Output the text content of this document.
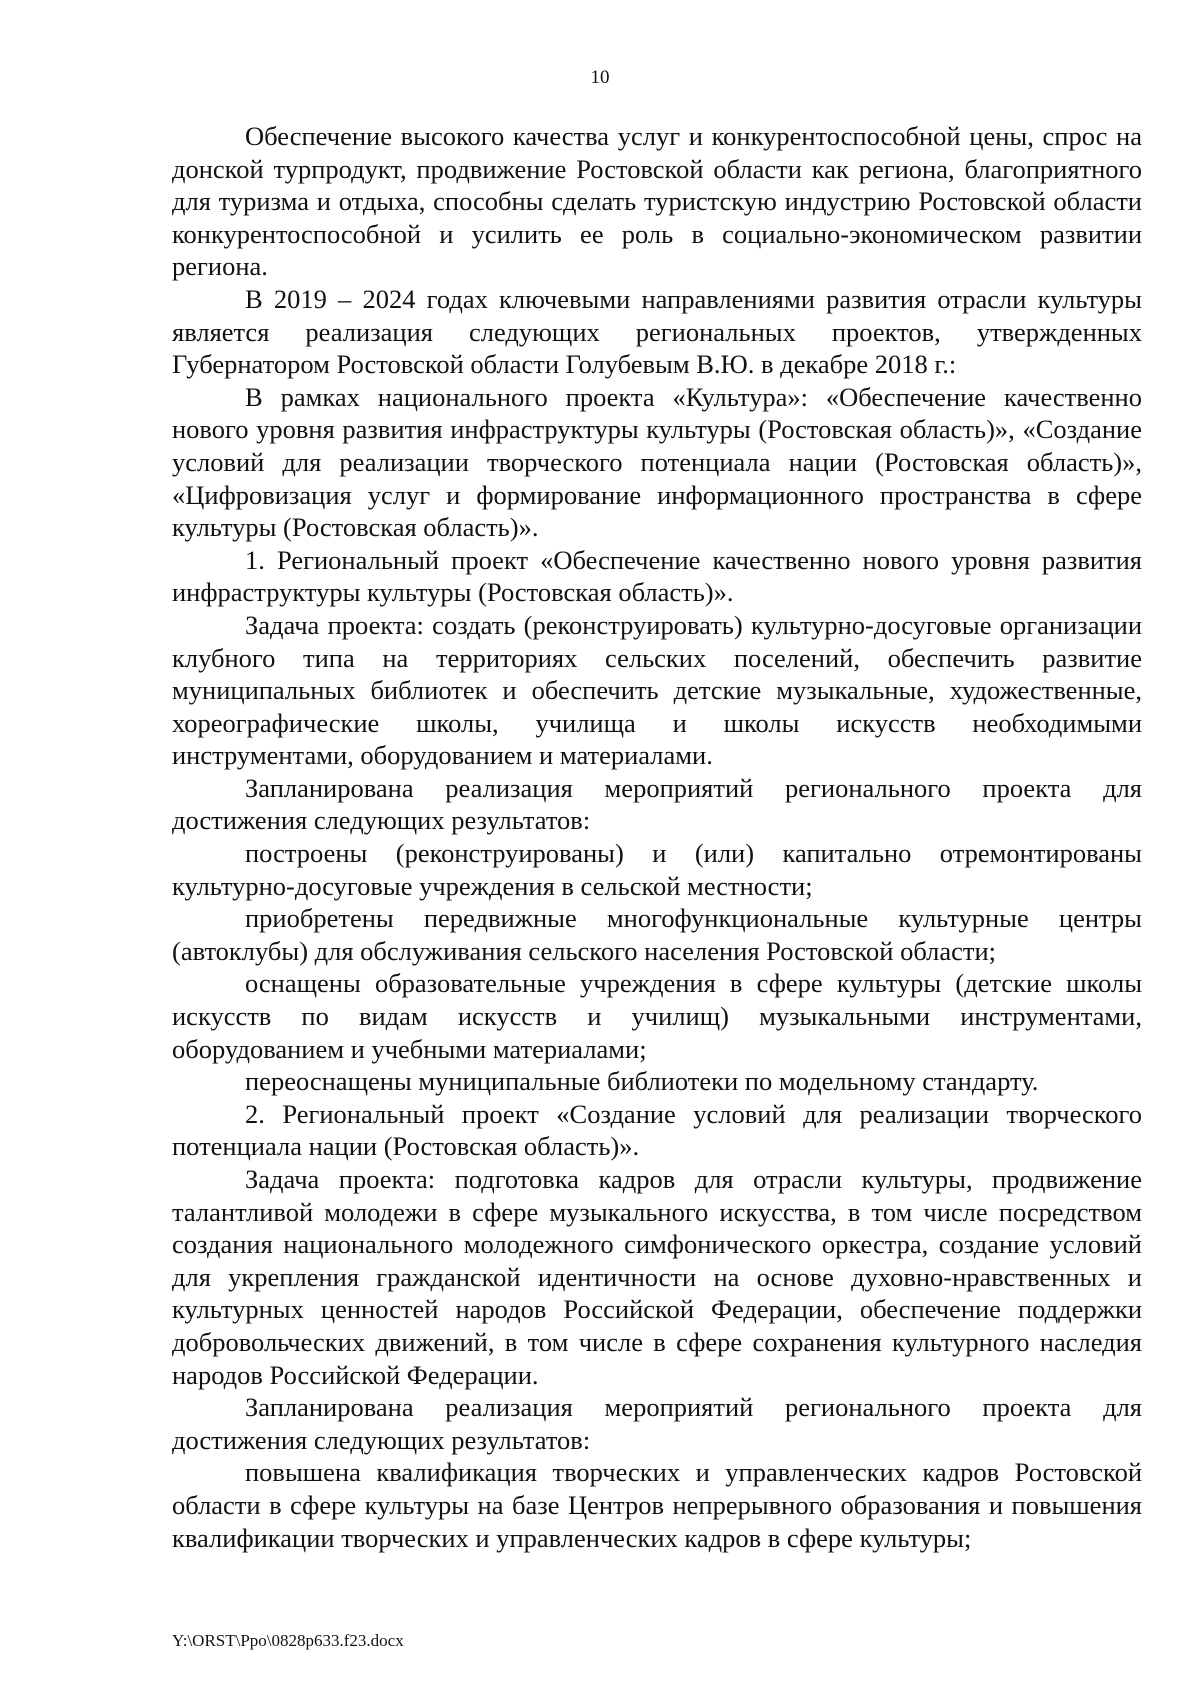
10

Обеспечение высокого качества услуг и конкурентоспособной цены, спрос на донской турпродукт, продвижение Ростовской области как региона, благоприятного для туризма и отдыха, способны сделать туристскую индустрию Ростовской области конкурентоспособной и усилить ее роль в социально-экономическом развитии региона.

В 2019 – 2024 годах ключевыми направлениями развития отрасли культуры является реализация следующих региональных проектов, утвержденных Губернатором Ростовской области Голубевым В.Ю. в декабре 2018 г.:

В рамках национального проекта «Культура»: «Обеспечение качественно нового уровня развития инфраструктуры культуры (Ростовская область)», «Создание условий для реализации творческого потенциала нации (Ростовская область)», «Цифровизация услуг и формирование информационного пространства в сфере культуры (Ростовская область)».

1. Региональный проект «Обеспечение качественно нового уровня развития инфраструктуры культуры (Ростовская область)».

Задача проекта: создать (реконструировать) культурно-досуговые организации клубного типа на территориях сельских поселений, обеспечить развитие муниципальных библиотек и обеспечить детские музыкальные, художественные, хореографические школы, училища и школы искусств необходимыми инструментами, оборудованием и материалами.

Запланирована реализация мероприятий регионального проекта для достижения следующих результатов:

построены (реконструированы) и (или) капитально отремонтированы культурно-досуговые учреждения в сельской местности;

приобретены передвижные многофункциональные культурные центры (автоклубы) для обслуживания сельского населения Ростовской области;

оснащены образовательные учреждения в сфере культуры (детские школы искусств по видам искусств и училищ) музыкальными инструментами, оборудованием и учебными материалами;

переоснащены муниципальные библиотеки по модельному стандарту.

2. Региональный проект «Создание условий для реализации творческого потенциала нации (Ростовская область)».

Задача проекта: подготовка кадров для отрасли культуры, продвижение талантливой молодежи в сфере музыкального искусства, в том числе посредством создания национального молодежного симфонического оркестра, создание условий для укрепления гражданской идентичности на основе духовно-нравственных и культурных ценностей народов Российской Федерации, обеспечение поддержки добровольческих движений, в том числе в сфере сохранения культурного наследия народов Российской Федерации.

Запланирована реализация мероприятий регионального проекта для достижения следующих результатов:

повышена квалификация творческих и управленческих кадров Ростовской области в сфере культуры на базе Центров непрерывного образования и повышения квалификации творческих и управленческих кадров в сфере культуры;

Y:\ORST\Ppo\0828p633.f23.docx
